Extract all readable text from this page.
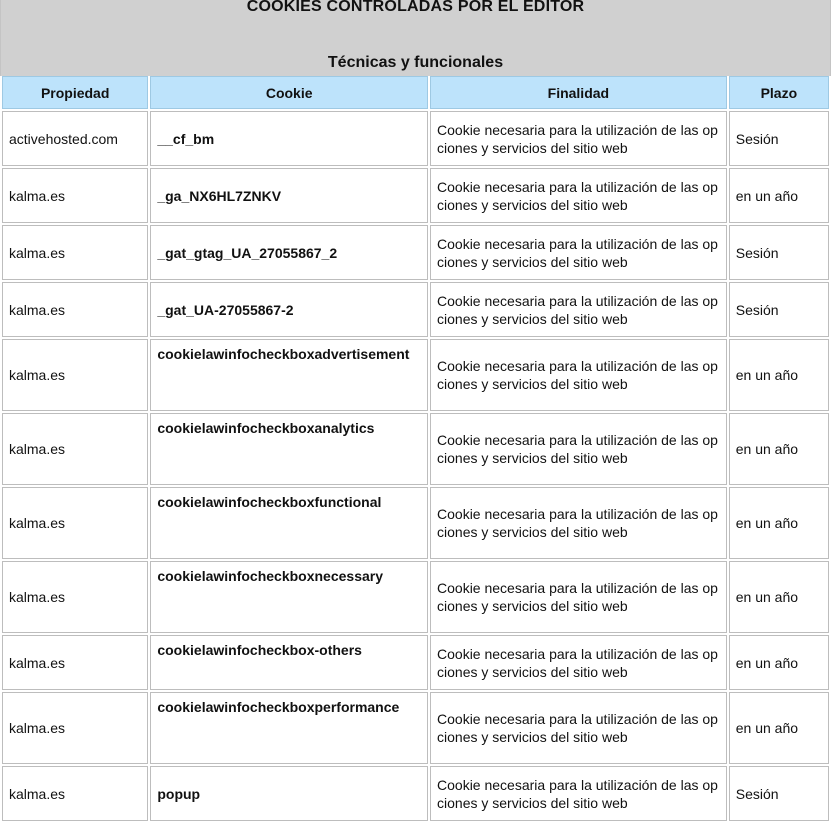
COOKIES CONTROLADAS POR EL EDITOR
Técnicas y funcionales
Propiedad	Cookie	Finalidad	Plazo
activehosted.com	__cf_bm	Cookie necesaria para la utilización de las opciones y servicios del sitio web	Sesión
kalma.es	_ga_NX6HL7ZNKV	Cookie necesaria para la utilización de las opciones y servicios del sitio web	en un año
kalma.es	_gat_gtag_UA_27055867_2	Cookie necesaria para la utilización de las opciones y servicios del sitio web	Sesión
kalma.es	_gat_UA-27055867-2	Cookie necesaria para la utilización de las opciones y servicios del sitio web	Sesión
kalma.es	cookielawinfocheckboxadvertisement	Cookie necesaria para la utilización de las opciones y servicios del sitio web	en un año
kalma.es	cookielawinfocheckboxanalytics	Cookie necesaria para la utilización de las opciones y servicios del sitio web	en un año
kalma.es	cookielawinfocheckboxfunctional	Cookie necesaria para la utilización de las opciones y servicios del sitio web	en un año
kalma.es	cookielawinfocheckboxnecessary	Cookie necesaria para la utilización de las opciones y servicios del sitio web	en un año
kalma.es	cookielawinfocheckbox-others	Cookie necesaria para la utilización de las opciones y servicios del sitio web	en un año
kalma.es	cookielawinfocheckboxperformance	Cookie necesaria para la utilización de las opciones y servicios del sitio web	en un año
kalma.es	popup	Cookie necesaria para la utilización de las opciones y servicios del sitio web	Sesión
